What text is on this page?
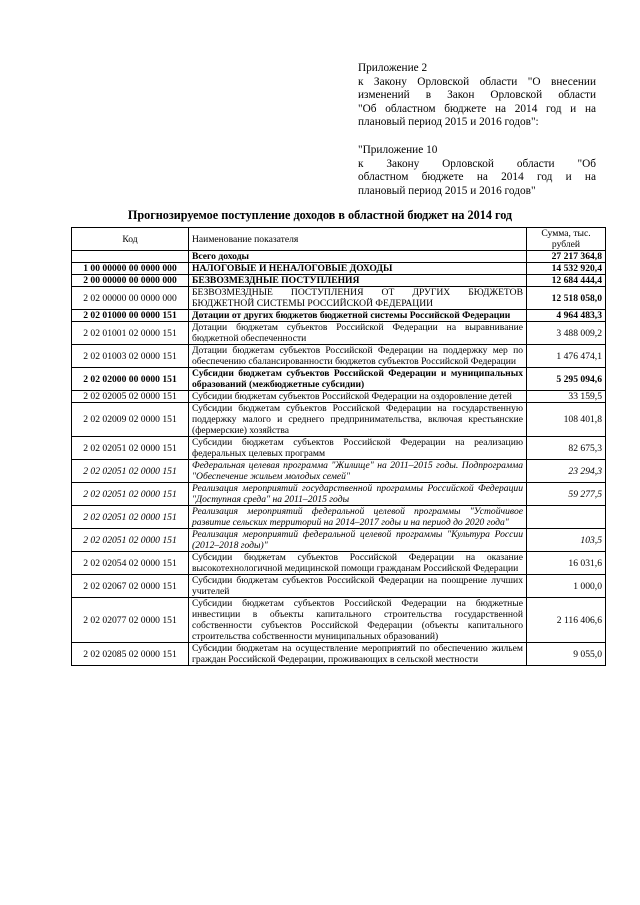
Приложение 2

к Закону Орловской области "О внесении

изменений в Закон Орловской области

"Об областном бюджете на 2014 год и на

плановый период 2015 и 2016 годов":

"Приложение 10

к Закону Орловской области "Об

областном бюджете на 2014 год и на

плановый период 2015 и 2016 годов"

Прогнозируемое поступление доходов в областной бюджет на 2014 год
Код	Наименование показателя	Сумма, тыс. рублей
	Всего доходы	27 217 364,8
1 00 00000 00 0000 000	НАЛОГОВЫЕ И НЕНАЛОГОВЫЕ ДОХОДЫ	14 532 920,4
2 00 00000 00 0000 000	БЕЗВОЗМЕЗДНЫЕ ПОСТУПЛЕНИЯ	12 684 444,4
2 02 00000 00 0000 000	БЕЗВОЗМЕЗДНЫЕ ПОСТУПЛЕНИЯ ОТ ДРУГИХ БЮДЖЕТОВ БЮДЖЕТНОЙ СИСТЕМЫ РОССИЙСКОЙ ФЕДЕРАЦИИ	12 518 058,0
2 02 01000 00 0000 151	Дотации от других бюджетов бюджетной системы Российской Федерации	4 964 483,3
2 02 01001 02 0000 151	Дотации бюджетам субъектов Российской Федерации на выравнивание бюджетной обеспеченности	3 488 009,2
2 02 01003 02 0000 151	Дотации бюджетам субъектов Российской Федерации на поддержку мер по обеспечению сбалансированности бюджетов субъектов Российской Федерации	1 476 474,1
2 02 02000 00 0000 151	Субсидии бюджетам субъектов Российской Федерации и муниципальных образований (межбюджетные субсидии)	5 295 094,6
2 02 02005 02 0000 151	Субсидии бюджетам субъектов Российской Федерации на оздоровление детей	33 159,5
2 02 02009 02 0000 151	Субсидии бюджетам субъектов Российской Федерации на государственную поддержку малого и среднего предпринимательства, включая крестьянские (фермерские) хозяйства	108 401,8
2 02 02051 02 0000 151	Субсидии бюджетам субъектов Российской Федерации на реализацию федеральных целевых программ	82 675,3
2 02 02051 02 0000 151	Федеральная целевая программа "Жилище" на 2011–2015 годы. Подпрограмма "Обеспечение жильем молодых семей"	23 294,3
2 02 02051 02 0000 151	Реализация мероприятий государственной программы Российской Федерации "Доступная среда" на 2011–2015 годы	59 277,5
2 02 02051 02 0000 151	Реализация мероприятий федеральной целевой программы "Устойчивое развитие сельских территорий на 2014–2017 годы и на период до 2020 года"	
2 02 02051 02 0000 151	Реализация мероприятий федеральной целевой программы "Культура России (2012–2018 годы)"	103,5
2 02 02054 02 0000 151	Субсидии бюджетам субъектов Российской Федерации на оказание высокотехнологичной медицинской помощи гражданам Российской Федерации	16 031,6
2 02 02067 02 0000 151	Субсидии бюджетам субъектов Российской Федерации на поощрение лучших учителей	1 000,0
2 02 02077 02 0000 151	Субсидии бюджетам субъектов Российской Федерации на бюджетные инвестиции в объекты капитального строительства государственной собственности субъектов Российской Федерации (объекты капитального строительства собственности муниципальных образований)	2 116 406,6
2 02 02085 02 0000 151	Субсидии бюджетам на осуществление мероприятий по обеспечению жильем граждан Российской Федерации, проживающих в сельской местности	9 055,0
